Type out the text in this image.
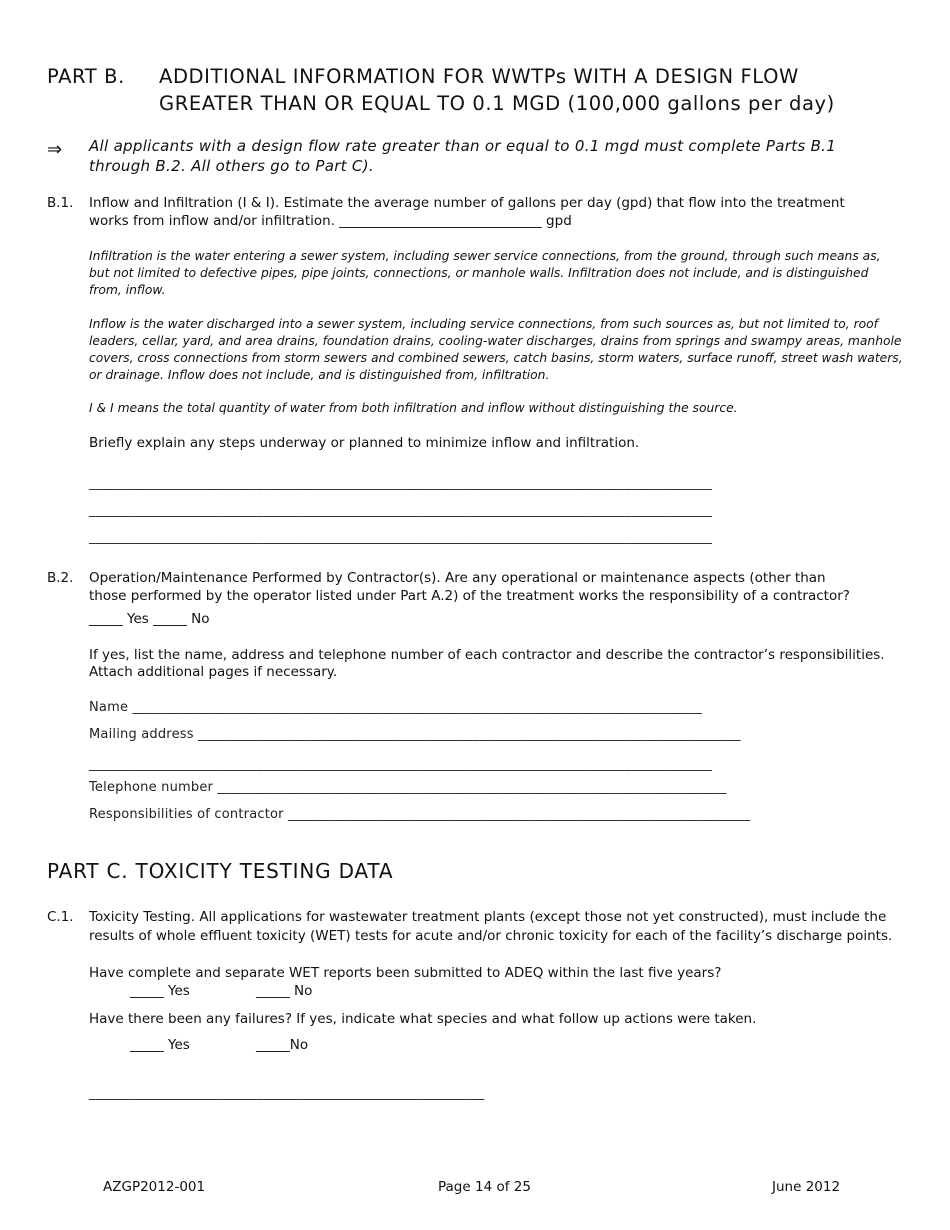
PART B. ADDITIONAL INFORMATION FOR WWTPs WITH A DESIGN FLOW
GREATER THAN OR EQUAL TO 0.1 MGD (100,000 gallons per day)
⇒ All applicants with a design flow rate greater than or equal to 0.1 mgd must complete Parts B.1
through B.2. All others go to Part C).
B.1. Inflow and Infiltration (I & I). Estimate the average number of gallons per day (gpd) that flow into the treatment
works from inflow and/or infiltration. ______________________________ gpd
Infiltration is the water entering a sewer system, including sewer service connections, from the ground, through such means as, but not limited to defective pipes, pipe joints, connections, or manhole walls. Infiltration does not include, and is distinguished from, inflow.
Inflow is the water discharged into a sewer system, including service connections, from such sources as, but not limited to, roof leaders, cellar, yard, and area drains, foundation drains, cooling-water discharges, drains from springs and swampy areas, manhole covers, cross connections from storm sewers and combined sewers, catch basins, storm waters, surface runoff, street wash waters, or drainage. Inflow does not include, and is distinguished from, infiltration.
I & I means the total quantity of water from both infiltration and inflow without distinguishing the source.
Briefly explain any steps underway or planned to minimize inflow and infiltration.
_____________________________________________________________________________________________
_____________________________________________________________________________________________
_____________________________________________________________________________________________
B.2. Operation/Maintenance Performed by Contractor(s). Are any operational or maintenance aspects (other than
those performed by the operator listed under Part A.2) of the treatment works the responsibility of a contractor?
_____ Yes _____ No
If yes, list the name, address and telephone number of each contractor and describe the contractor’s responsibilities.
Attach additional pages if necessary.
Name _____________________________________________________________________________________
Mailing address _________________________________________________________________________________
_____________________________________________________________________________________________
Telephone number ____________________________________________________________________________
Responsibilities of contractor _____________________________________________________________________
PART C. TOXICITY TESTING DATA
C.1. Toxicity Testing. All applications for wastewater treatment plants (except those not yet constructed), must include the
results of whole effluent toxicity (WET) tests for acute and/or chronic toxicity for each of the facility’s discharge points.
Have complete and separate WET reports been submitted to ADEQ within the last five years?
_____ Yes	_____ No
Have there been any failures? If yes, indicate what species and what follow up actions were taken.
_____ Yes	_____No
___________________________________________________________
AZGP2012-001	Page 14 of 25	June 2012
